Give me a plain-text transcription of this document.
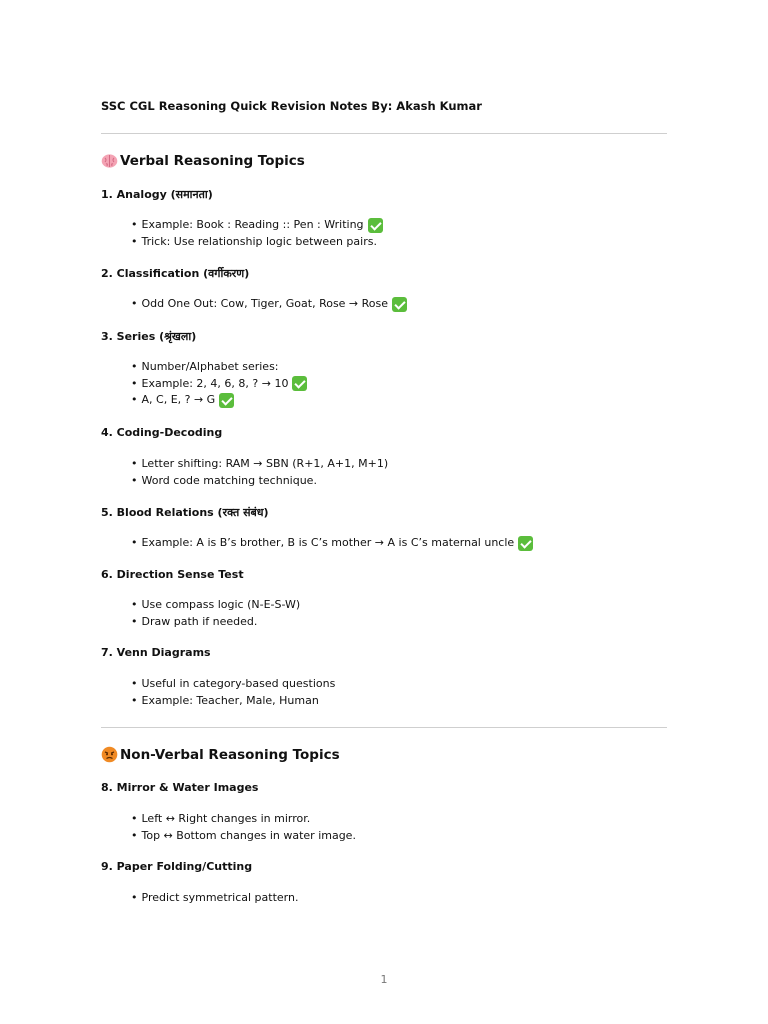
SSC CGL Reasoning Quick Revision Notes By: Akash Kumar
Verbal Reasoning Topics
1. Analogy (समानता)
• Example: Book : Reading :: Pen : Writing
• Trick: Use relationship logic between pairs.
2. Classification (वर्गीकरण)
• Odd One Out: Cow, Tiger, Goat, Rose → Rose
3. Series (श्रृंखला)
• Number/Alphabet series:
• Example: 2, 4, 6, 8, ? → 10
• A, C, E, ? → G
4. Coding-Decoding
• Letter shifting: RAM → SBN (R+1, A+1, M+1)
• Word code matching technique.
5. Blood Relations (रक्त संबंध)
• Example: A is B’s brother, B is C’s mother → A is C’s maternal uncle
6. Direction Sense Test
• Use compass logic (N-E-S-W)
• Draw path if needed.
7. Venn Diagrams
• Useful in category-based questions
• Example: Teacher, Male, Human
Non-Verbal Reasoning Topics
8. Mirror & Water Images
• Left ↔ Right changes in mirror.
• Top ↔ Bottom changes in water image.
9. Paper Folding/Cutting
• Predict symmetrical pattern.
1
